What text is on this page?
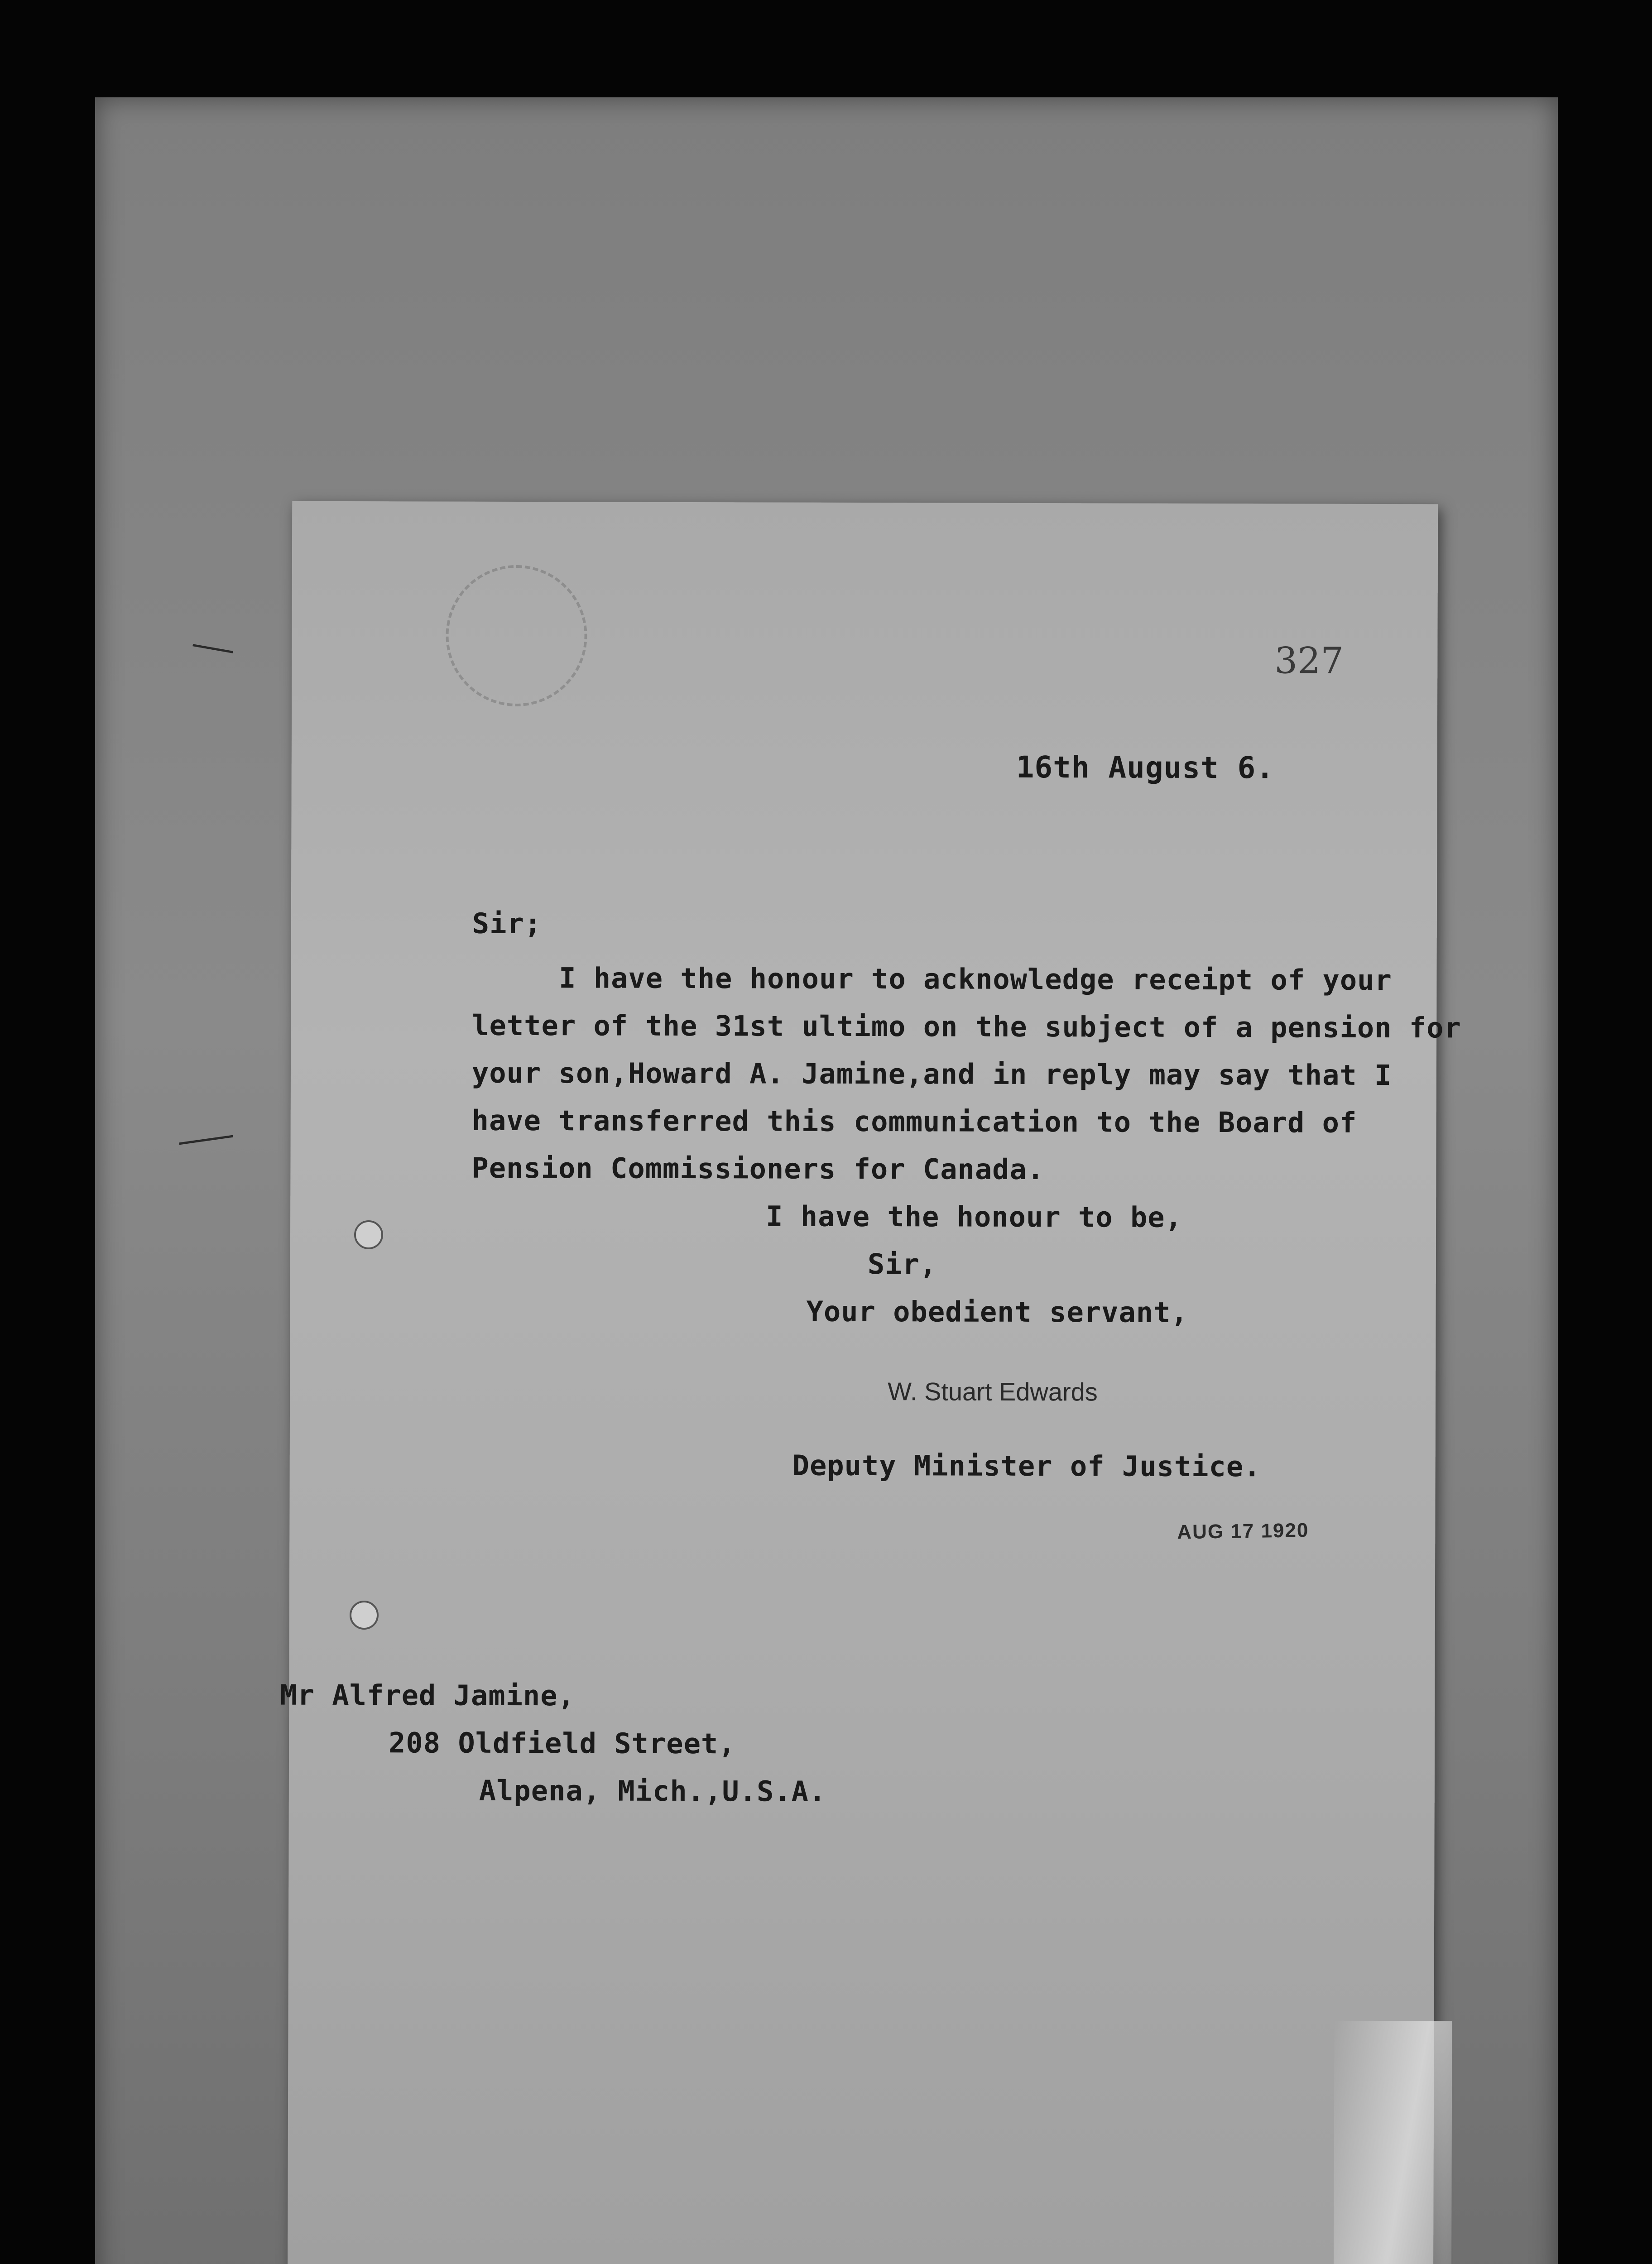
327
16th August 6.
Sir;
I have the honour to acknowledge receipt of your
letter of the 31st ultimo on the subject of a pension for
your son,Howard A. Jamine,and in reply may say that I
have transferred this communication to the Board of
Pension Commissioners for Canada.
I have the honour to be,
Sir,
Your obedient servant,
W. Stuart Edwards
Deputy Minister of Justice.
AUG 17 1920
Mr Alfred Jamine,
208 Oldfield Street,
Alpena, Mich.,U.S.A.
